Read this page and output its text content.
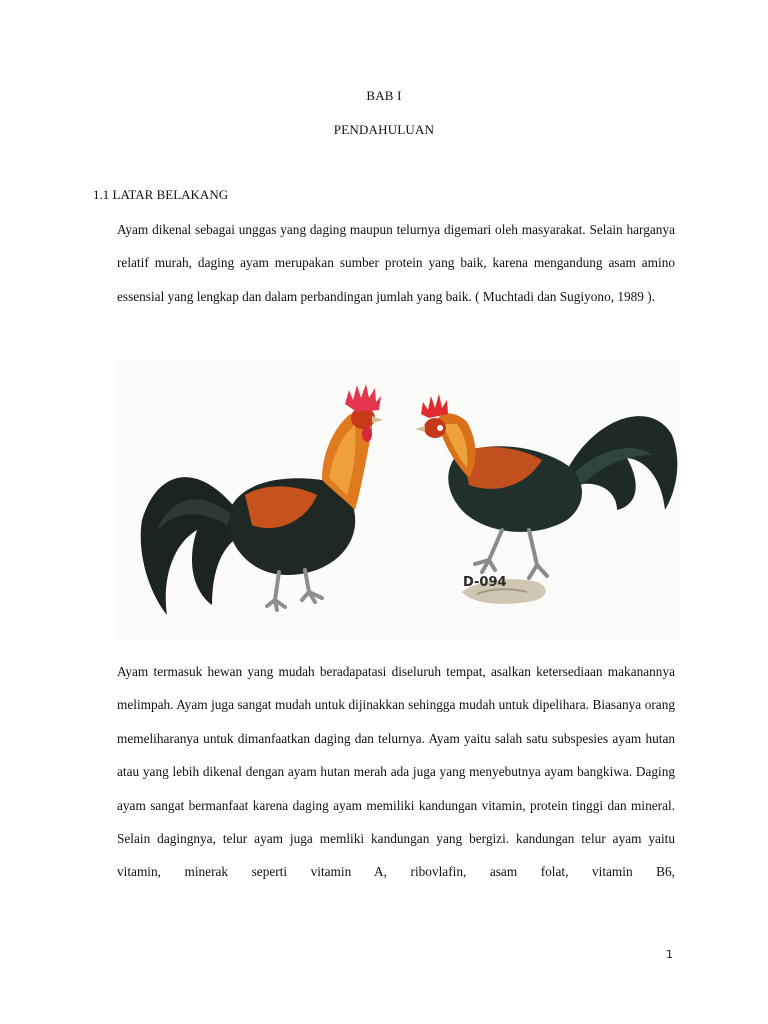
BAB I
PENDAHULUAN
1.1 LATAR BELAKANG

Ayam dikenal sebagai unggas yang daging maupun telurnya digemari oleh masyarakat. Selain harganya relatif murah, daging ayam merupakan sumber protein yang baik, karena mengandung asam amino essensial yang lengkap dan dalam perbandingan jumlah yang baik. ( Muchtadi dan Sugiyono, 1989 ).

D-094

Ayam termasuk hewan yang mudah beradapatasi diseluruh tempat, asalkan ketersediaan makanannya melimpah. Ayam juga sangat mudah untuk dijinakkan sehingga mudah untuk dipelihara. Biasanya orang memeliharanya untuk dimanfaatkan daging dan telurnya. Ayam yaitu salah satu subspesies ayam hutan atau yang lebih dikenal dengan ayam hutan merah ada juga yang menyebutnya ayam bangkiwa. Daging ayam sangat bermanfaat karena daging ayam memiliki kandungan vitamin, protein tinggi dan mineral. Selain dagingnya, telur ayam juga memliki kandungan yang bergizi. kandungan telur ayam yaitu vitamin, minerak seperti vitamin A, ribovlafin, asam folat, vitamin B6,

1
